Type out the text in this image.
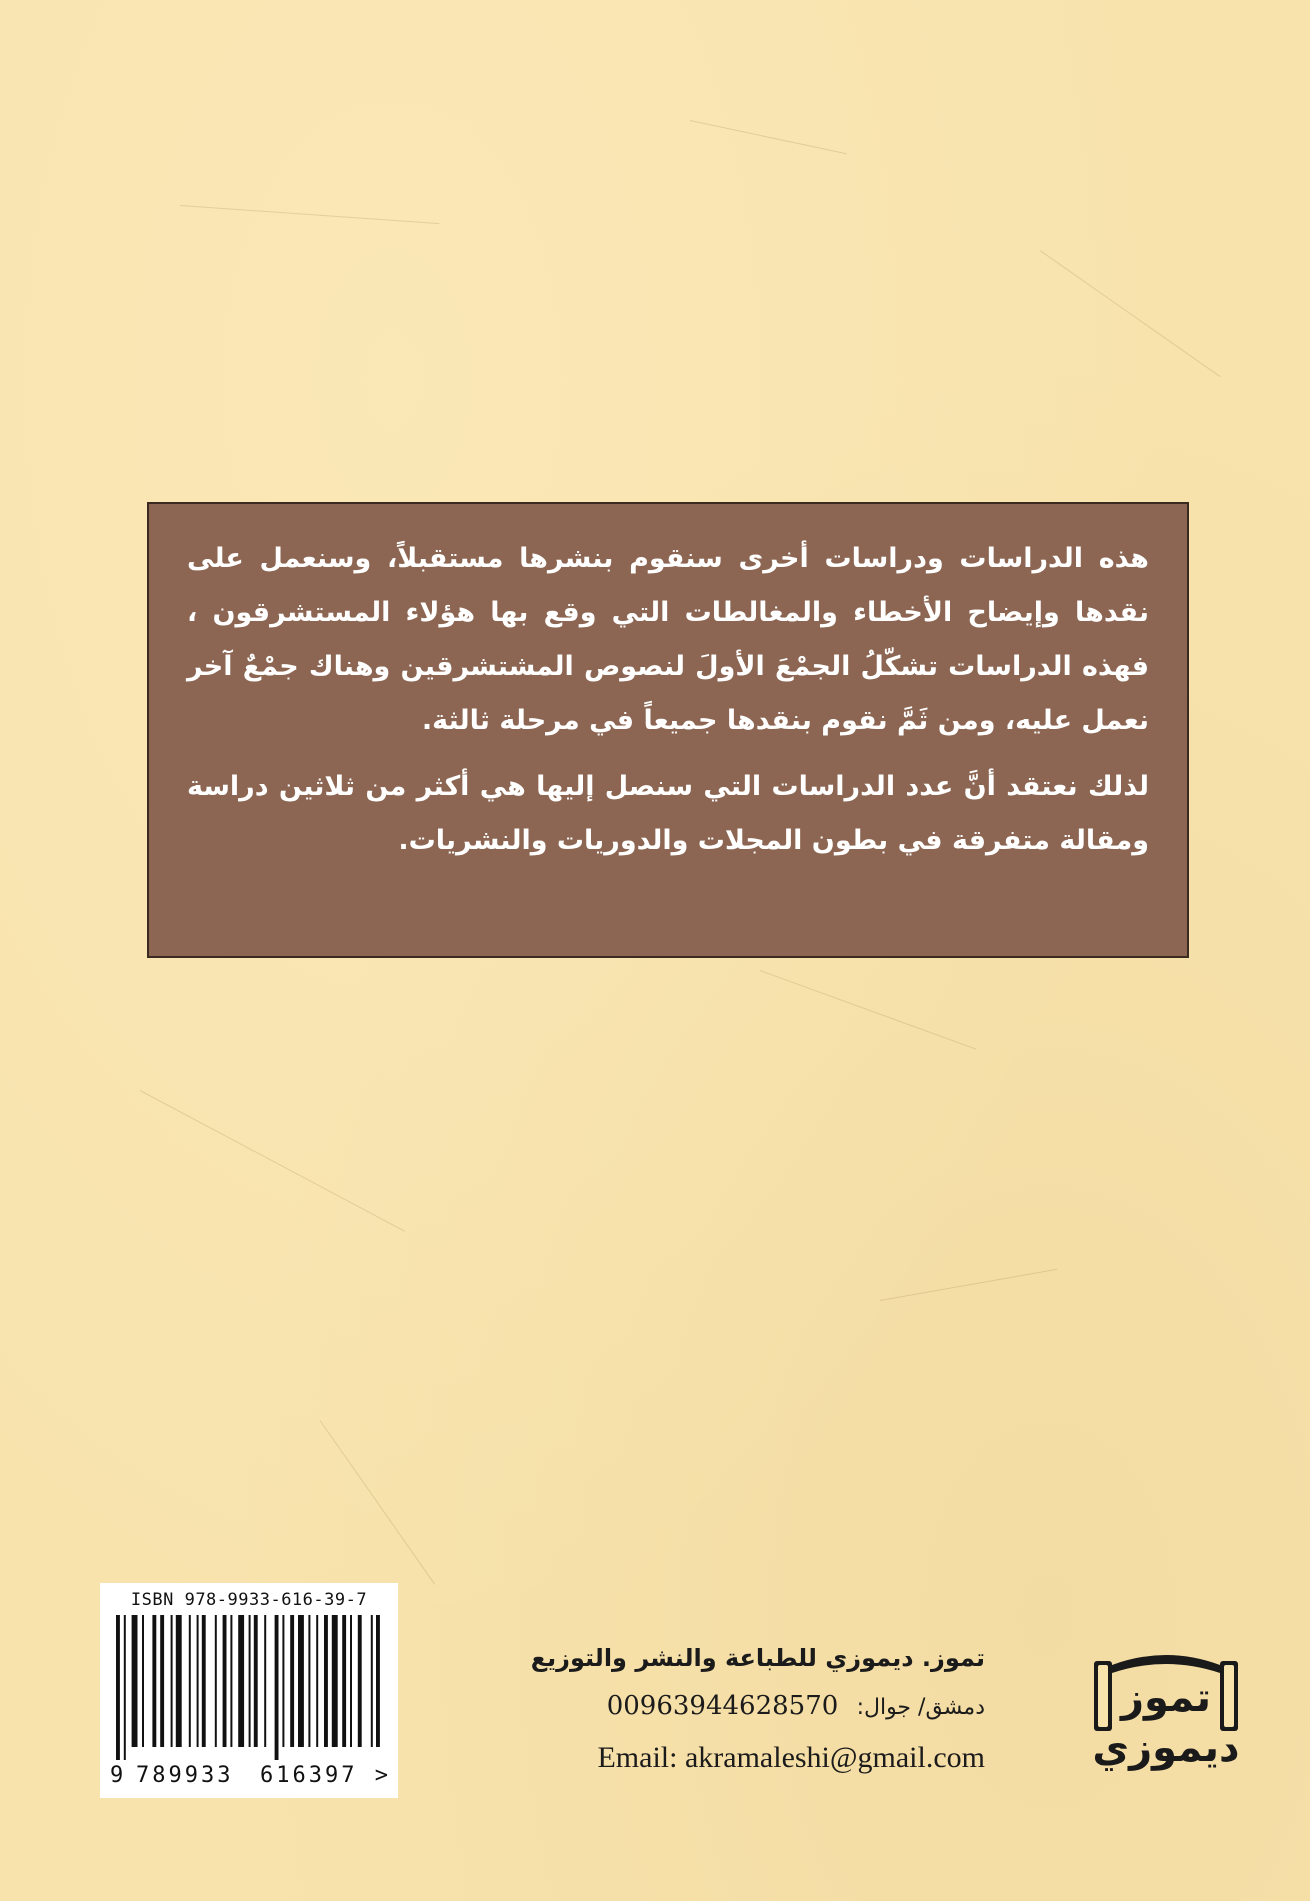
هذه الدراسات ودراسات أخرى سنقوم بنشرها مستقبلاً، وسنعمل على نقدها وإيضاح الأخطاء والمغالطات التي وقع بها هؤلاء المستشرقون ، فهذه الدراسات تشكّلُ الجمْعَ الأولَ لنصوص المشتشرقين وهناك جمْعٌ آخر نعمل عليه، ومن ثَمَّ نقوم بنقدها جميعاً في مرحلة ثالثة.

لذلك نعتقد أنَّ عدد الدراسات التي سنصل إليها هي أكثر من ثلاثين دراسة ومقالة متفرقة في بطون المجلات والدوريات والنشريات.

ISBN 978-9933-616-39-7
9 789933 616397 >
تموز. ديموزي للطباعة والنشر والتوزيع
دمشق/ جوال: 00963944628570
Email: akramaleshi@gmail.com
تموز
ديموزي
